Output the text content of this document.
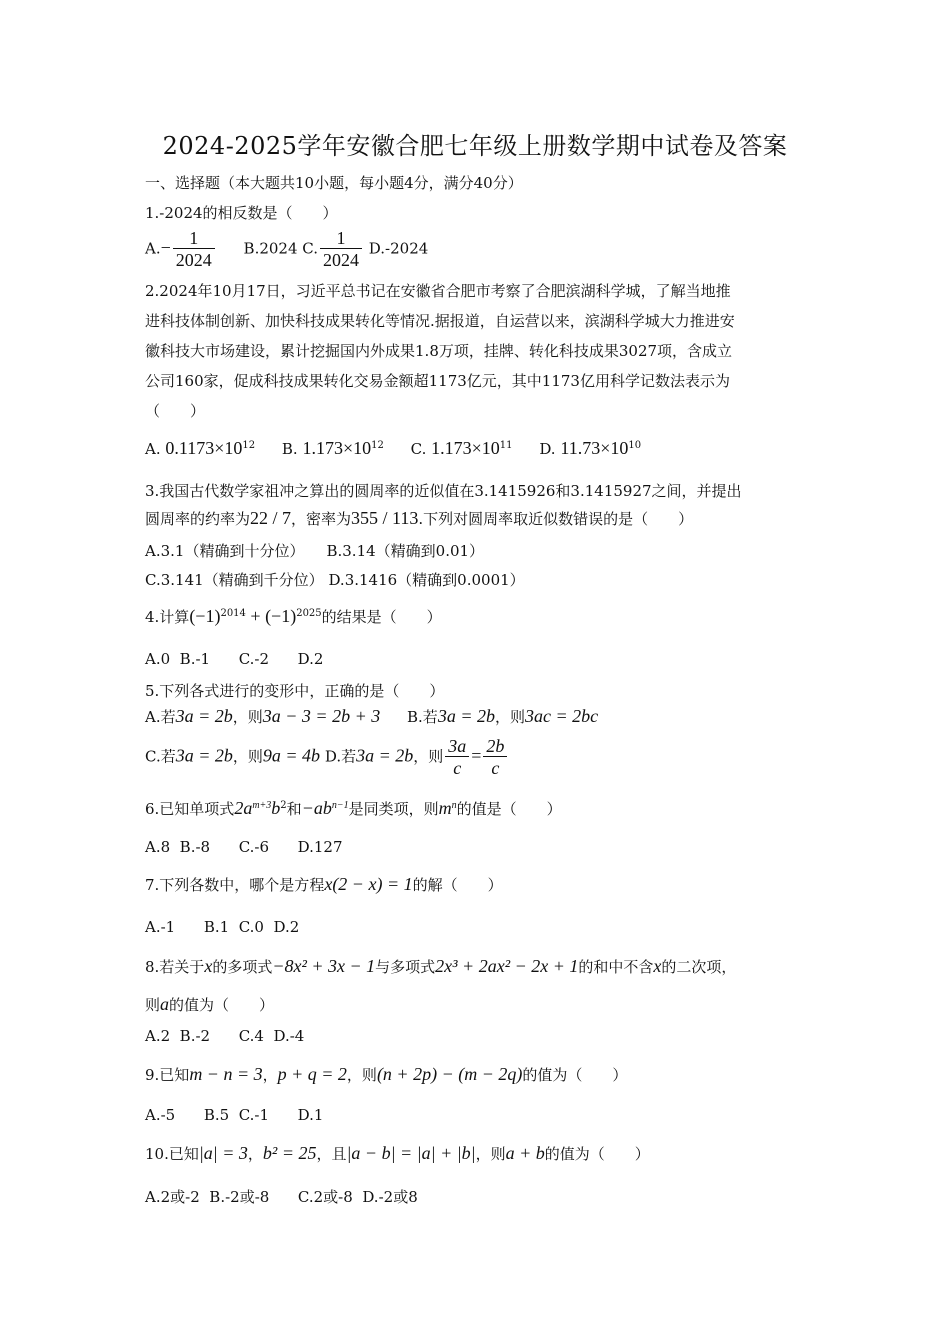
2024-2025学年安徽合肥七年级上册数学期中试卷及答案
一、选择题（本大题共10小题，每小题4分，满分40分）
1.-2024的相反数是（　　）
$A.- \frac{1}{2024} B.2024$ C. $\frac{1}{2024} D.-2024$
2.2024年10月17日，习近平总书记在安徽省合肥市考察了合肥滨湖科学城，了解当地推
进科技体制创新、加快科技成果转化等情况.据报道，自运营以来，滨湖科学城大力推进安
徽科技大市场建设，累计挖掘国内外成果1.8万项，挂牌、转化科技成果3027项，含成立
公司160家，促成科技成果转化交易金额超1173亿元，其中1173亿用科学记数法表示为
（　　）
A. $0.1173\times 10^{12}$ B. $1.173\times 10^{12}$ C. $1.173\times 10^{11}$ D. $11.73\times 10^{10}$
3.我国古代数学家祖冲之算出的圆周率的近似值在3.1415926和3.1415927之间，并提出
圆周率的约率为22 / 7，密率为355 / 113.下列对圆周率取近似数错误的是（　　）
A.3.1（精确到十分位） B.3.14（精确到0.01）
C.3.141（精确到千分位） D.3.1416（精确到0.0001）
4.计算$(-1)^{2014} + (-1)^{2025}$的结果是（　　）
A.0  B.-1      C.-2      D.2
5.下列各式进行的变形中，正确的是（　　）
A.若3a = 2b，则3a − 3 = 2b + 3 B.若3a = 2b，则3ac = 2bc
C.若3a = 2b，则9a = 4b D.若3a = 2b，则 $\frac{3a}{c} = \frac{2b}{c}$
6.已知单项式$2a^{m+3}b^2$和$-ab^{n-1}$是同类项，则$m^n$的值是（　　）
A.8  B.-8      C.-6      D.127
7.下列各数中，哪个是方程x(2 − x) = 1的解（　　）
A.-1      B.1  C.0  D.2
8.若关于x的多项式−8x² + 3x − 1与多项式2x³ + 2ax² − 2x + 1的和中不含x的二次项，
则a的值为（　　）
A.2  B.-2      C.4  D.-4
9.已知m − n = 3，p + q = 2，则(n + 2p) − (m − 2q)的值为（　　）
A.-5      B.5  C.-1      D.1
10.已知|a| = 3，b² = 25，且|a − b| = |a| + |b|，则a + b的值为（　　）
A.2或-2  B.-2或-8      C.2或-8  D.-2或8
